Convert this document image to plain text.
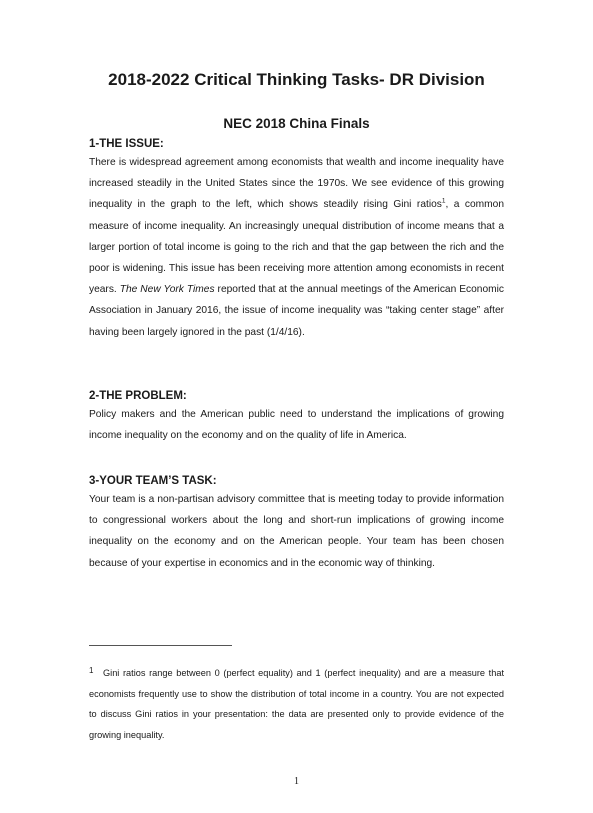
2018-2022 Critical Thinking Tasks- DR Division
NEC 2018 China Finals
1-THE ISSUE:

There is widespread agreement among economists that wealth and income inequality have increased steadily in the United States since the 1970s. We see evidence of this growing inequality in the graph to the left, which shows steadily rising Gini ratios$^1$, a common measure of income inequality. An increasingly unequal distribution of income means that a larger portion of total income is going to the rich and that the gap between the rich and the poor is widening. This issue has been receiving more attention among economists in recent years. The New York Times reported that at the annual meetings of the American Economic Association in January 2016, the issue of income inequality was “taking center stage” after having been largely ignored in the past (1/4/16).

2-THE PROBLEM:

Policy makers and the American public need to understand the implications of growing income inequality on the economy and on the quality of life in America.

3-YOUR TEAM’S TASK:

Your team is a non-partisan advisory committee that is meeting today to provide information to congressional workers about the long and short-run implications of growing income inequality on the economy and on the American people. Your team has been chosen because of your expertise in economics and in the economic way of thinking.

1	Gini ratios range between 0 (perfect equality) and 1 (perfect inequality) and are a measure that economists frequently use to show the distribution of total income in a country. You are not expected to discuss Gini ratios in your presentation: the data are presented only to provide evidence of the growing inequality.

1
